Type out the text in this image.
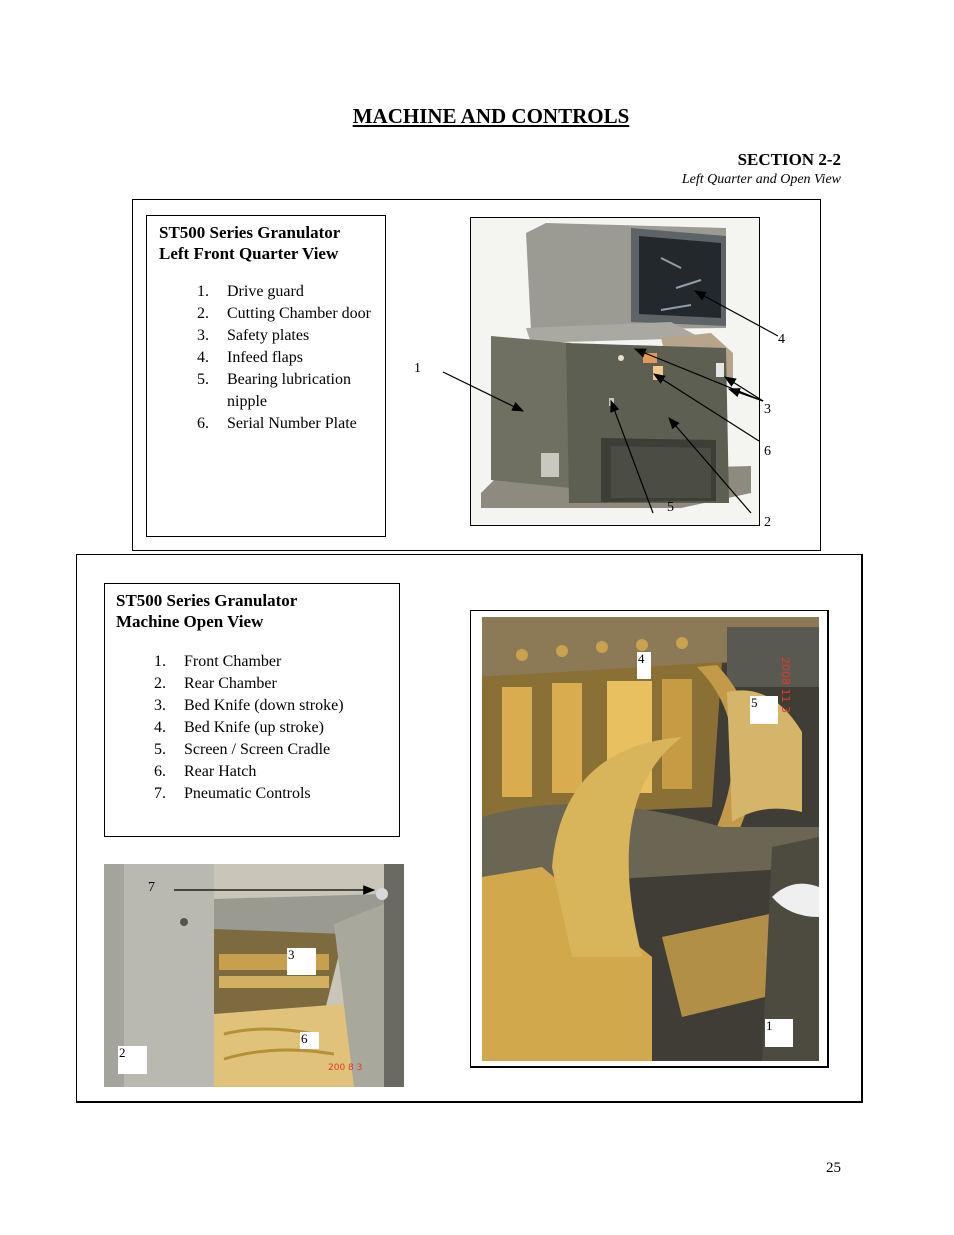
MACHINE AND CONTROLS
SECTION 2-2
Left Quarter and Open View
ST500 Series Granulator
Left Front Quarter View
1. Drive guard
2. Cutting Chamber door
3. Safety plates
4. Infeed flaps
5. Bearing lubrication nipple
6. Serial Number Plate
1
4
3
6
5
2
ST500 Series Granulator
Machine Open View
1. Front Chamber
2. Rear Chamber
3. Bed Knife (down stroke)
4. Bed Knife (up stroke)
5. Screen / Screen Cradle
6. Rear Hatch
7. Pneumatic Controls
200 8 3
7
3
6
2
2008 11 3
4
5
1
25
